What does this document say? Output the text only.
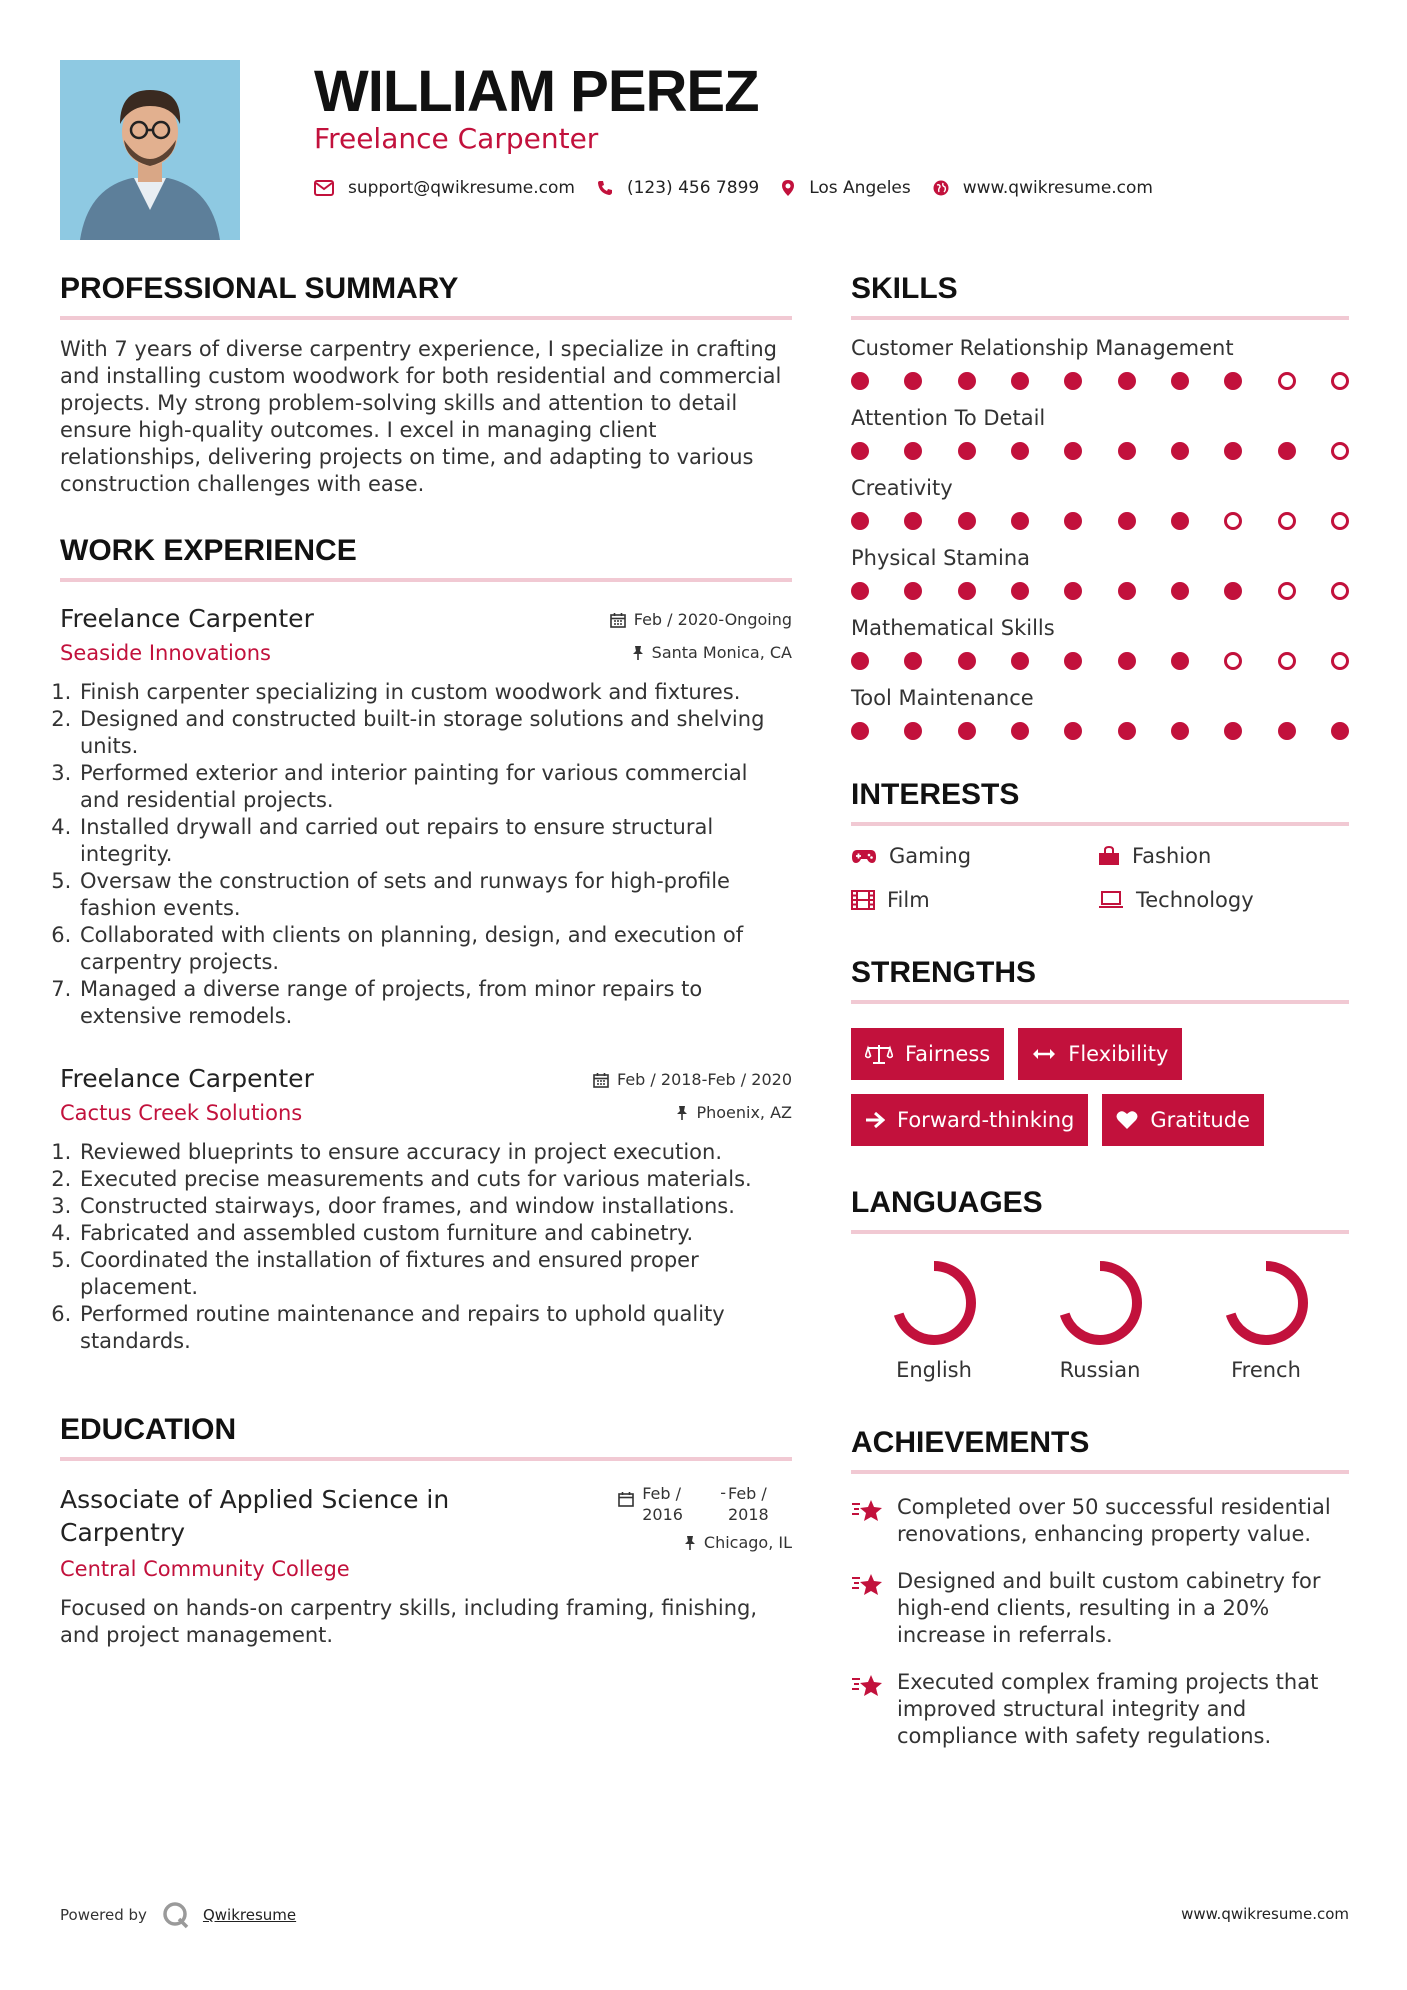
WILLIAM PEREZ
Freelance Carpenter
support@qwikresume.com	(123) 456 7899	Los Angeles	www.qwikresume.com
PROFESSIONAL SUMMARY

With 7 years of diverse carpentry experience, I specialize in crafting and installing custom woodwork for both residential and commercial projects. My strong problem-solving skills and attention to detail ensure high-quality outcomes. I excel in managing client relationships, delivering projects on time, and adapting to various construction challenges with ease.

WORK EXPERIENCE
Freelance Carpenter
Seaside Innovations
Feb / 2020-Ongoing
Santa Monica, CA
1. Finish carpenter specializing in custom woodwork and fixtures.
2. Designed and constructed built-in storage solutions and shelving units.
3. Performed exterior and interior painting for various commercial and residential projects.
4. Installed drywall and carried out repairs to ensure structural integrity.
5. Oversaw the construction of sets and runways for high-profile fashion events.
6. Collaborated with clients on planning, design, and execution of carpentry projects.
7. Managed a diverse range of projects, from minor repairs to extensive remodels.
Freelance Carpenter
Cactus Creek Solutions
Feb / 2018-Feb / 2020
Phoenix, AZ
1. Reviewed blueprints to ensure accuracy in project execution.
2. Executed precise measurements and cuts for various materials.
3. Constructed stairways, door frames, and window installations.
4. Fabricated and assembled custom furniture and cabinetry.
5. Coordinated the installation of fixtures and ensured proper placement.
6. Performed routine maintenance and repairs to uphold quality standards.
EDUCATION
Associate of Applied Science in Carpentry
Central Community College
Feb / 2016
- Feb / 2018
Chicago, IL

Focused on hands-on carpentry skills, including framing, finishing, and project management.

SKILLS
Customer Relationship Management
Attention To Detail
Creativity
Physical Stamina
Mathematical Skills
Tool Maintenance
INTERESTS
Gaming	Fashion
Film	Technology
STRENGTHS
Fairness	Flexibility
Forward-thinking	Gratitude
LANGUAGES
English	Russian	French
ACHIEVEMENTS
Completed over 50 successful residential renovations, enhancing property value.
Designed and built custom cabinetry for high-end clients, resulting in a 20% increase in referrals.
Executed complex framing projects that improved structural integrity and compliance with safety regulations.
Powered by	Qwikresume	www.qwikresume.com
